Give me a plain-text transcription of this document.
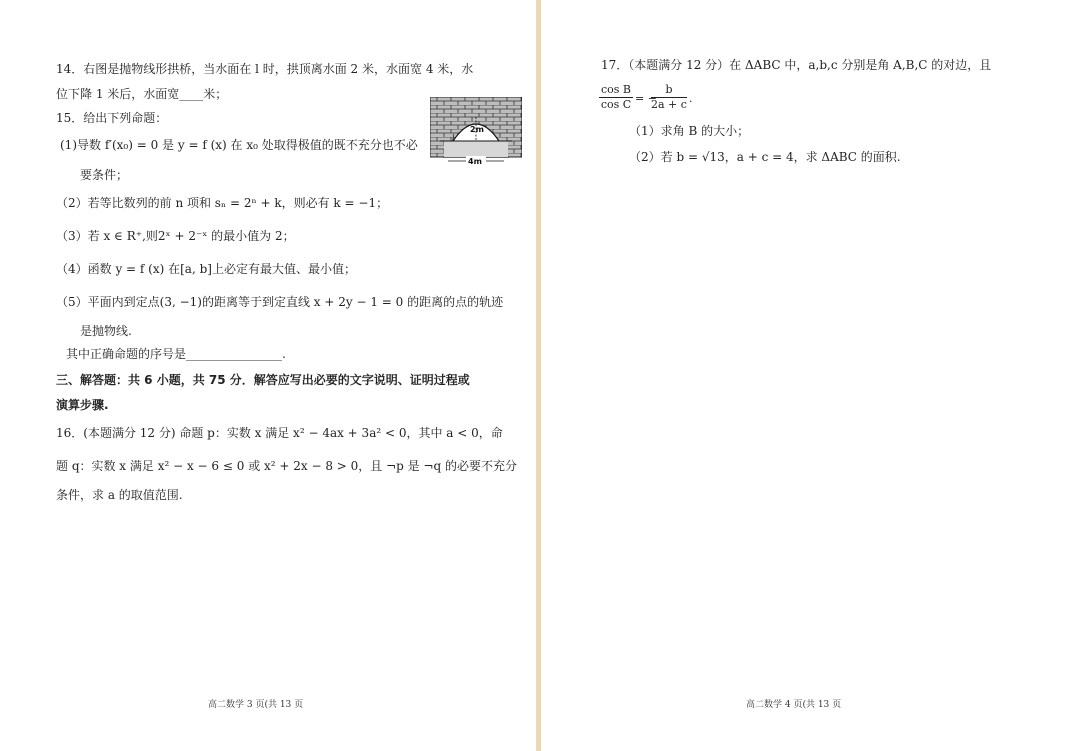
14．右图是抛物线形拱桥，当水面在 l 时，拱顶离水面 2 米，水面宽 4 米，水
位下降 1 米后，水面宽____米；
15．给出下列命题：
(1)导数 f′(x₀) = 0 是 y = f (x) 在 x₀ 处取得极值的既不充分也不必
要条件；
（2）若等比数列的前 n 项和 sₙ = 2ⁿ + k，则必有 k = −1；
（3）若 x ∈ R⁺,则2ˣ + 2⁻ˣ 的最小值为 2；
（4）函数 y = f (x) 在[a, b]上必定有最大值、最小值；
（5）平面内到定点(3, −1)的距离等于到定直线 x + 2y − 1 = 0 的距离的点的轨迹
是抛物线.
其中正确命题的序号是________________.
三、解答题：共 6 小题，共 75 分．解答应写出必要的文字说明、证明过程或
演算步骤.
16．(本题满分 12 分) 命题 p：实数 x 满足 x² − 4ax + 3a² < 0，其中 a < 0，命
题 q：实数 x 满足 x² − x − 6 ≤ 0 或 x² + 2x − 8 > 0，且 ¬p 是 ¬q 的必要不充分
条件，求 a 的取值范围.
2m
l
4m
高二数学 3 页(共 13 页
17．（本题满分 12 分）在 ΔABC 中，a,b,c 分别是角 A,B,C 的对边，且
$\frac{\text{cos B}}{\text{cos C}}$ = −
$\frac{b}{2a + c}$ .
（1）求角 B 的大小；
（2）若 b = √13，a + c = 4，求 ΔABC 的面积.
高二数学 4 页(共 13 页
